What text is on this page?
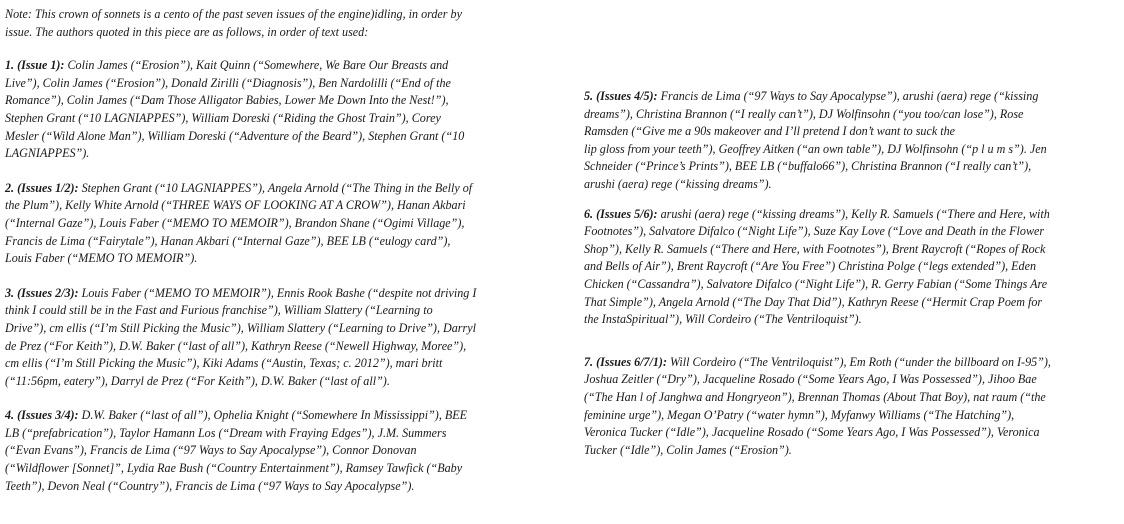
Note: This crown of sonnets is a cento of the past seven issues of the engine)idling, in order by
issue. The authors quoted in this piece are as follows, in order of text used:

1. (Issue 1): Colin James (“Erosion”), Kait Quinn (“Somewhere, We Bare Our Breasts and
Live”), Colin James (“Erosion”), Donald Zirilli (“Diagnosis”), Ben Nardolilli (“End of the
Romance”), Colin James (“Dam Those Alligator Babies, Lower Me Down Into the Nest!”),
Stephen Grant (“10 LAGNIAPPES”), William Doreski (“Riding the Ghost Train”), Corey
Mesler (“Wild Alone Man”), William Doreski (“Adventure of the Beard”), Stephen Grant (“10
LAGNIAPPES”).

2. (Issues 1/2): Stephen Grant (“10 LAGNIAPPES”), Angela Arnold (“The Thing in the Belly of
the Plum”), Kelly White Arnold (“THREE WAYS OF LOOKING AT A CROW”), Hanan Akbari
(“Internal Gaze”), Louis Faber (“MEMO TO MEMOIR”), Brandon Shane (“Ogimi Village”),
Francis de Lima (“Fairytale”), Hanan Akbari (“Internal Gaze”), BEE LB (“eulogy card”),
Louis Faber (“MEMO TO MEMOIR”).

3. (Issues 2/3): Louis Faber (“MEMO TO MEMOIR”), Ennis Rook Bashe (“despite not driving I
think I could still be in the Fast and Furious franchise”), William Slattery (“Learning to
Drive”), cm ellis (“I’m Still Picking the Music”), William Slattery (“Learning to Drive”), Darryl
de Prez (“For Keith”), D.W. Baker (“last of all”), Kathryn Reese (“Newell Highway, Moree”),
cm ellis (“I’m Still Picking the Music”), Kiki Adams (“Austin, Texas; c. 2012”), mari britt
(“11:56pm, eatery”), Darryl de Prez (“For Keith”), D.W. Baker (“last of all”).

4. (Issues 3/4): D.W. Baker (“last of all”), Ophelia Knight (“Somewhere In Mississippi”), BEE
LB (“prefabrication”), Taylor Hamann Los (“Dream with Fraying Edges”), J.M. Summers
(“Evan Evans”), Francis de Lima (“97 Ways to Say Apocalypse”), Connor Donovan
(“Wildflower [Sonnet]”, Lydia Rae Bush (“Country Entertainment”), Ramsey Tawfick (“Baby
Teeth”), Devon Neal (“Country”), Francis de Lima (“97 Ways to Say Apocalypse”).

5. (Issues 4/5): Francis de Lima (“97 Ways to Say Apocalypse”), arushi (aera) rege (“kissing
dreams”), Christina Brannon (“I really can’t”), DJ Wolfinsohn (“you too/can lose”), Rose
Ramsden (“Give me a 90s makeover and I’ll pretend I don’t want to suck the
lip gloss from your teeth”), Geoffrey Aitken (“an own table”), DJ Wolfinsohn (“p l u m s”). Jen
Schneider (“Prince’s Prints”), BEE LB (“buffalo66”), Christina Brannon (“I really can’t”),
arushi (aera) rege (“kissing dreams”).

6. (Issues 5/6): arushi (aera) rege (“kissing dreams”), Kelly R. Samuels (“There and Here, with
Footnotes”), Salvatore Difalco (“Night Life”), Suze Kay Love (“Love and Death in the Flower
Shop”), Kelly R. Samuels (“There and Here, with Footnotes”), Brent Raycroft (“Ropes of Rock
and Bells of Air”), Brent Raycroft (“Are You Free”) Christina Polge (“legs extended”), Eden
Chicken (“Cassandra”), Salvatore Difalco (“Night Life”), R. Gerry Fabian (“Some Things Are
That Simple”), Angela Arnold (“The Day That Did”), Kathryn Reese (“Hermit Crap Poem for
the InstaSpiritual”), Will Cordeiro (“The Ventriloquist”).

7. (Issues 6/7/1): Will Cordeiro (“The Ventriloquist”), Em Roth (“under the billboard on I-95”),
Joshua Zeitler (“Dry”), Jacqueline Rosado (“Some Years Ago, I Was Possessed”), Jihoo Bae
(“The Han l of Janghwa and Hongryeon”), Brennan Thomas (About That Boy), nat raum (“the
feminine urge”), Megan O’Patry (“water hymn”), Myfanwy Williams (“The Hatching”),
Veronica Tucker (“Idle”), Jacqueline Rosado (“Some Years Ago, I Was Possessed”), Veronica
Tucker (“Idle”), Colin James (“Erosion”).
